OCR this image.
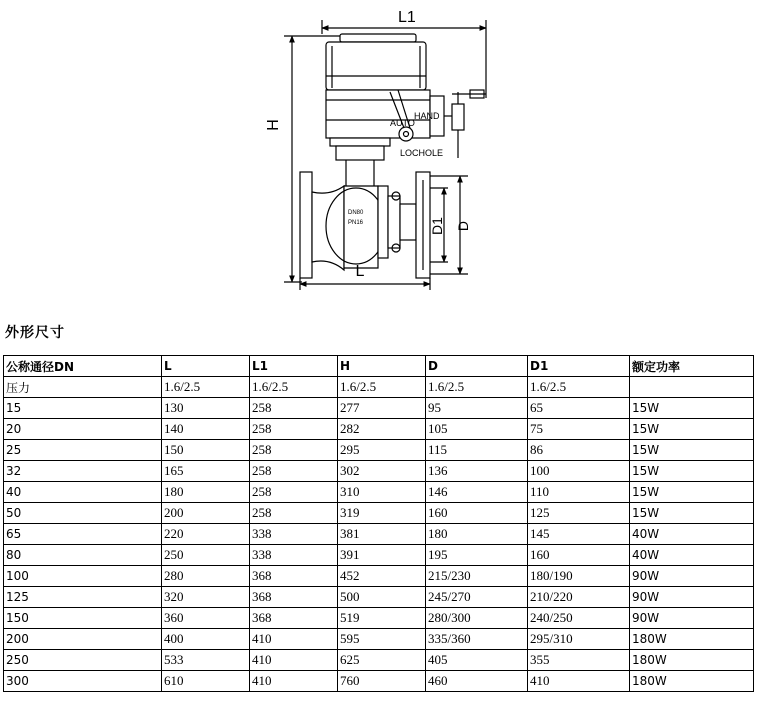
L1
H
D1 D
L
HAND
AUTO
LOCHOLE
DN80
PN16
外形尺寸
公称通径DN	L	L1	H	D	D1	额定功率
压力	1.6/2.5	1.6/2.5	1.6/2.5	1.6/2.5	1.6/2.5	
15	130	258	277	95	65	15W
20	140	258	282	105	75	15W
25	150	258	295	115	86	15W
32	165	258	302	136	100	15W
40	180	258	310	146	110	15W
50	200	258	319	160	125	15W
65	220	338	381	180	145	40W
80	250	338	391	195	160	40W
100	280	368	452	215/230	180/190	90W
125	320	368	500	245/270	210/220	90W
150	360	368	519	280/300	240/250	90W
200	400	410	595	335/360	295/310	180W
250	533	410	625	405	355	180W
300	610	410	760	460	410	180W
